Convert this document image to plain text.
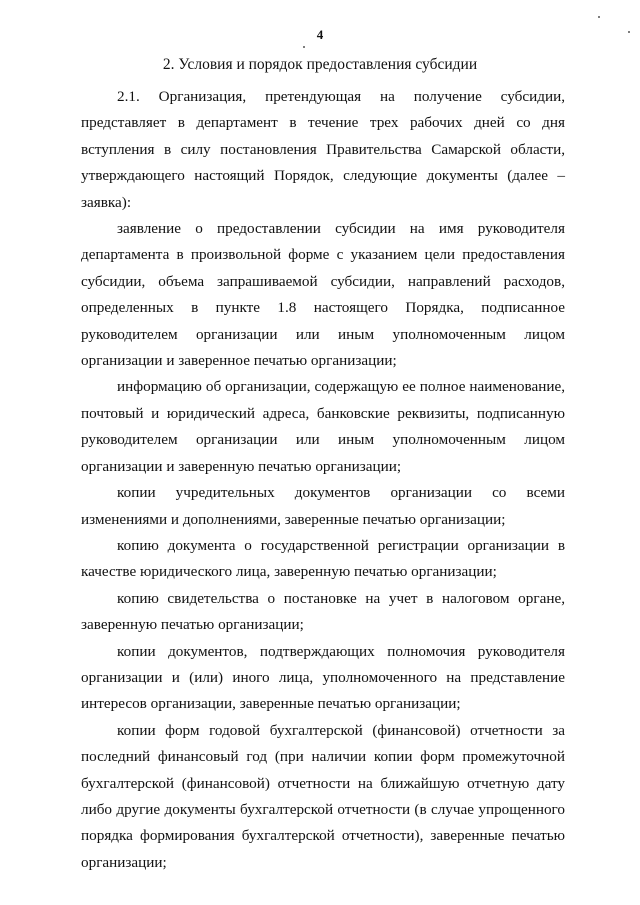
4
2. Условия и порядок предоставления субсидии

2.1. Организация, претендующая на получение субсидии, представляет в департамент в течение трех рабочих дней со дня вступления в силу постановления Правительства Самарской области, утверждающего настоящий Порядок, следующие документы (далее – заявка):

заявление о предоставлении субсидии на имя руководителя департамента в произвольной форме с указанием цели предоставления субсидии, объема запрашиваемой субсидии, направлений расходов, определенных в пункте 1.8 настоящего Порядка, подписанное руководителем организации или иным уполномоченным лицом организации и заверенное печатью организации;

информацию об организации, содержащую ее полное наименование, почтовый и юридический адреса, банковские реквизиты, подписанную руководителем организации или иным уполномоченным лицом организации и заверенную печатью организации;

копии учредительных документов организации со всеми изменениями и дополнениями, заверенные печатью организации;

копию документа о государственной регистрации организации в качестве юридического лица, заверенную печатью организации;

копию свидетельства о постановке на учет в налоговом органе, заверенную печатью организации;

копии документов, подтверждающих полномочия руководителя организации и (или) иного лица, уполномоченного на представление интересов организации, заверенные печатью организации;

копии форм годовой бухгалтерской (финансовой) отчетности за последний финансовый год (при наличии копии форм промежуточной бухгалтерской (финансовой) отчетности на ближайшую отчетную дату либо другие документы бухгалтерской отчетности (в случае упрощенного порядка формирования бухгалтерской отчетности), заверенные печатью организации;
